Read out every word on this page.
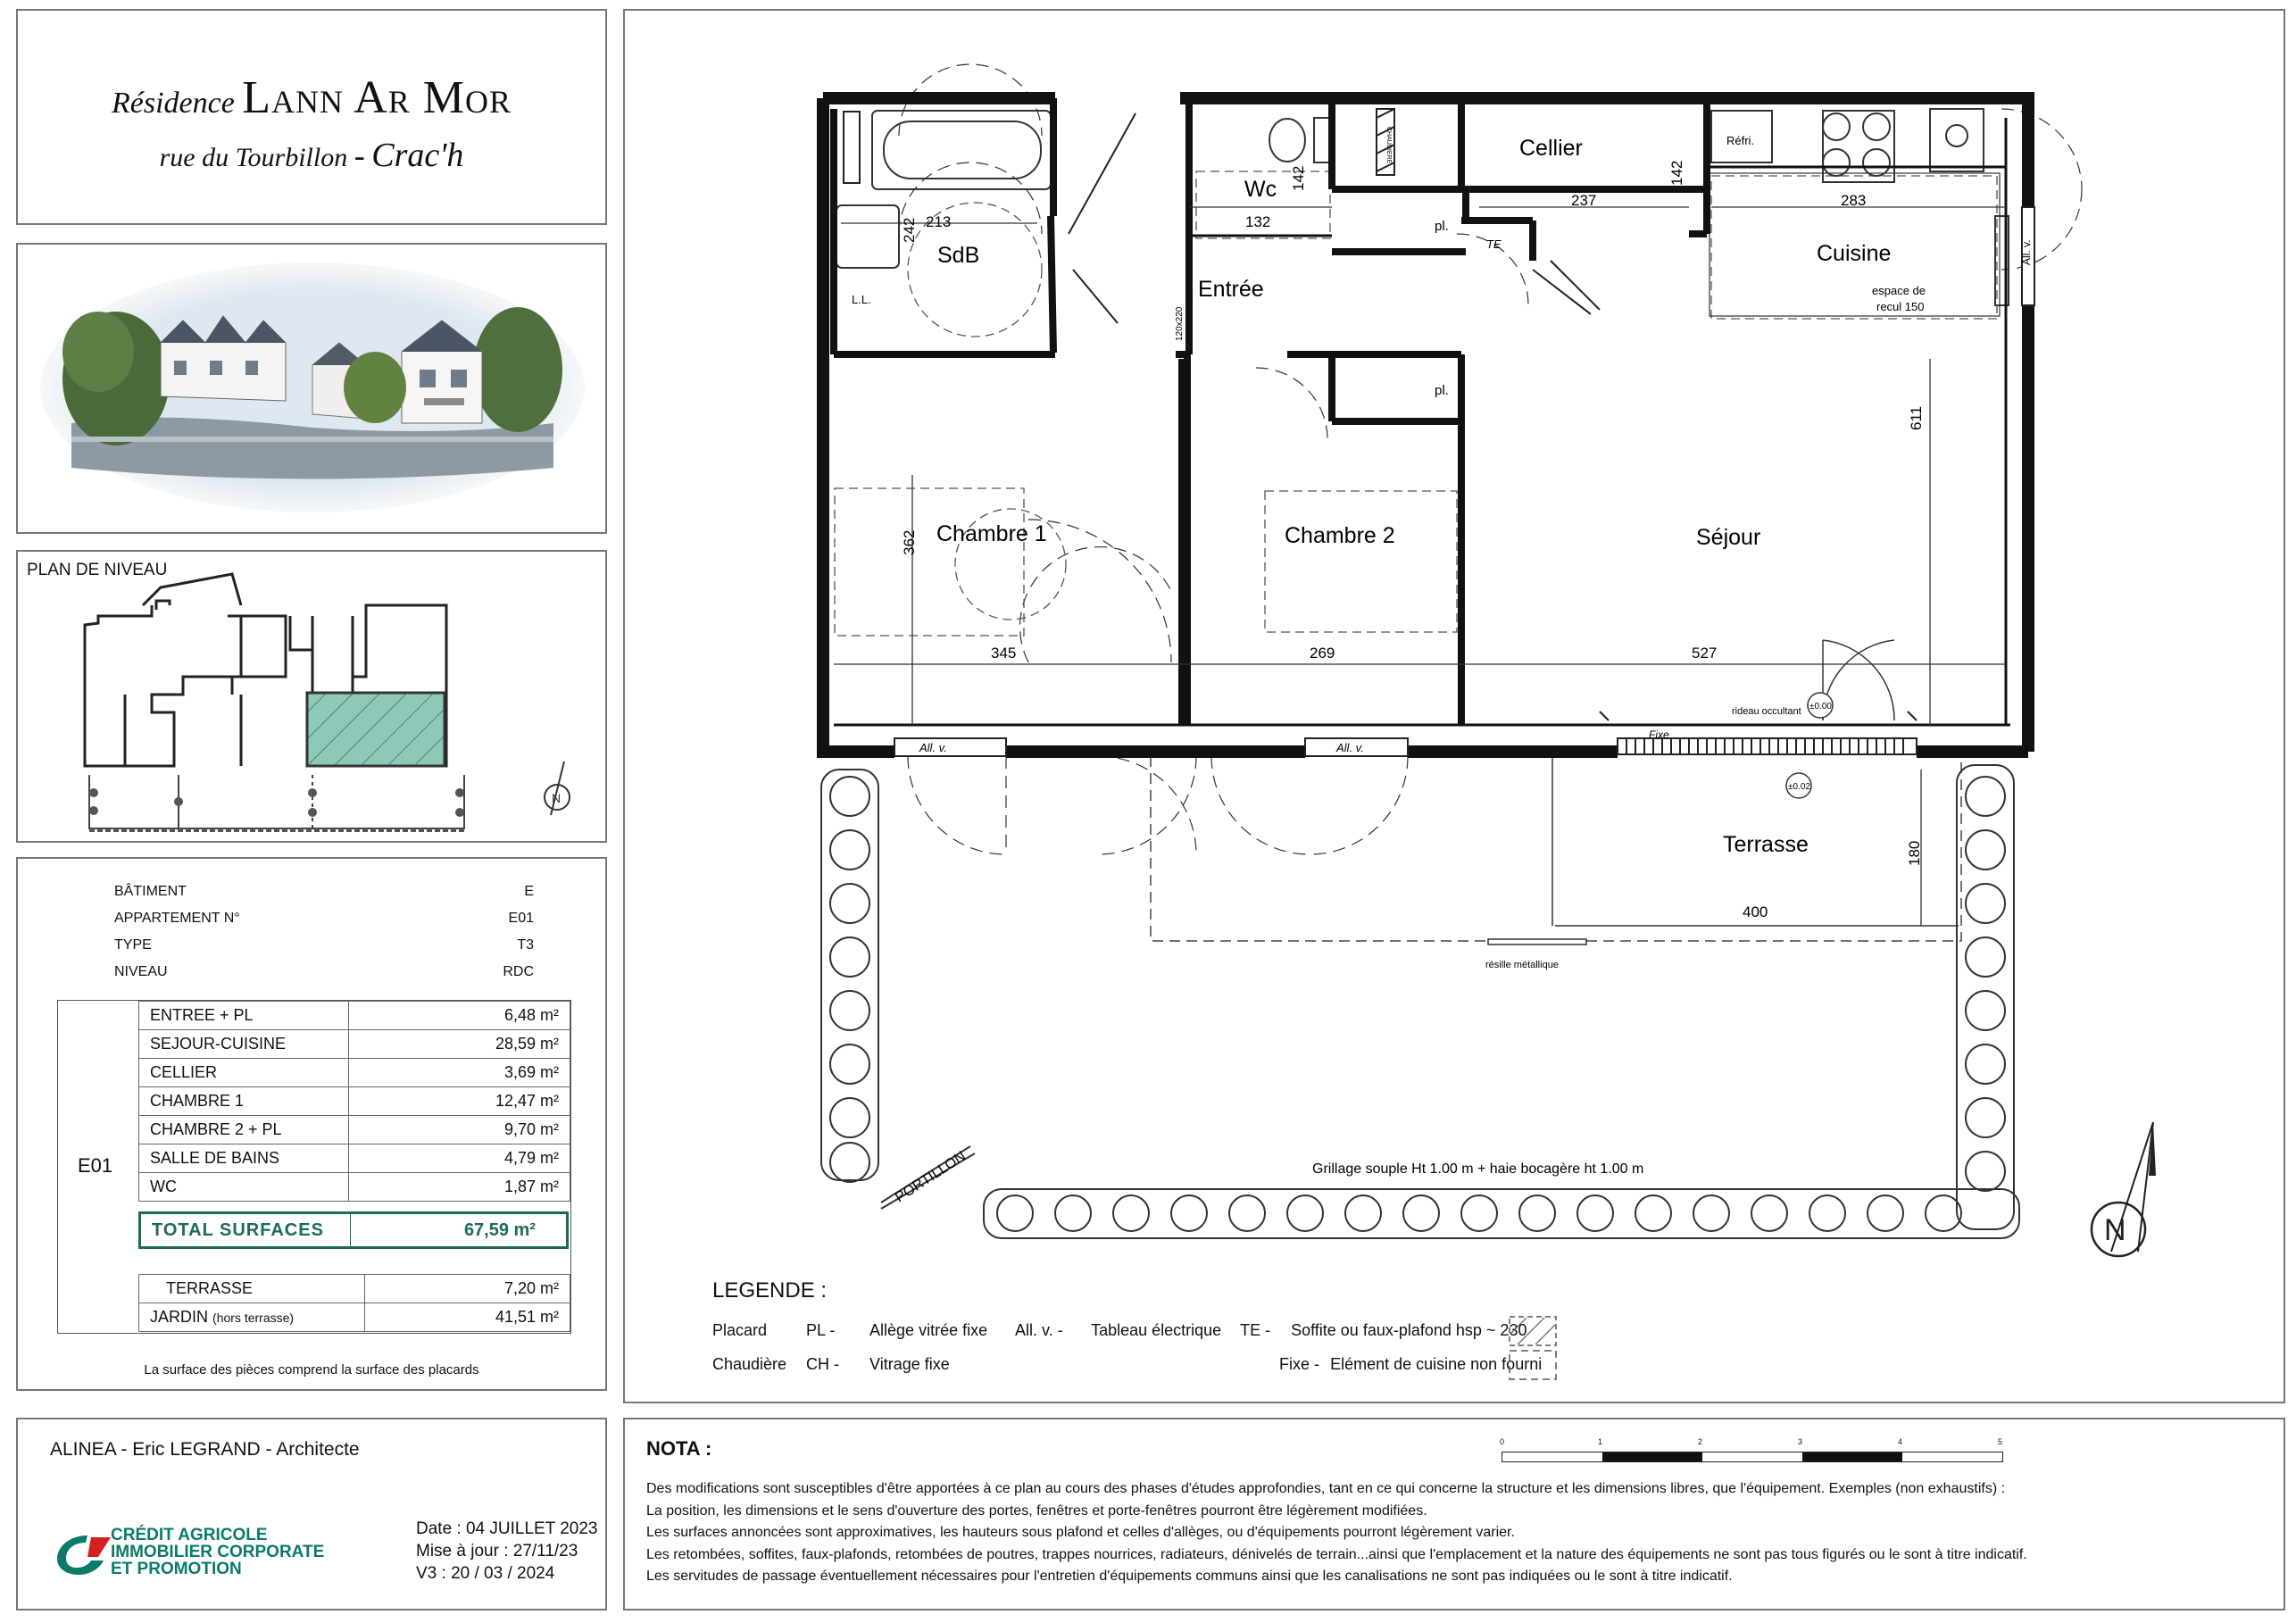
Résidence Lann Ar Mor
rue du Tourbillon - Crac'h
PLAN DE NIVEAU
N
BÂTIMENT	E
APPARTEMENT N°	E01
TYPE	T3
NIVEAU	RDC
E01
ENTREE + PL	6,48 m²
SEJOUR-CUISINE	28,59 m²
CELLIER	3,69 m²
CHAMBRE 1	12,47 m²
CHAMBRE 2 + PL	9,70 m²
SALLE DE BAINS	4,79 m²
WC	1,87 m²
TOTAL SURFACES	67,59 m²
TERRASSE	7,20 m²
JARDIN (hors terrasse)	41,51 m²
La surface des pièces comprend la surface des placards
ALINEA - Eric LEGRAND - Architecte
CRÉDIT AGRICOLE
IMMOBILIER CORPORATE
ET PROMOTION
Date : 04 JUILLET 2023
Mise à jour : 27/11/23
V3 : 20 / 03 / 2024
SdB
Wc
Cellier
Cuisine
Entrée
Chambre 1	Chambre 2	Séjour
Terrasse
213
242	132
142
237
142
283
611
362
345	269	527
180
400
L.L.
Réfri.
CHAUDIERE
pl.
pl.
TE
espace de
recul 150
All. v.
All. v.	All. v.
120x220
rideau occultant ±0.00
±0.02
Fixe
résille métallique
Grillage souple Ht 1.00 m + haie bocagère ht 1.00 m
PORTILLON
N
LEGENDE :
Placard PL - Allège vitrée fixe All. v. - Tableau électrique TE - Soffite ou faux-plafond hsp ~ 230
Chaudière CH - Vitrage fixe	Fixe - Elément de cuisine non fourni
NOTA :

Des modifications sont susceptibles d'être apportées à ce plan au cours des phases d'études approfondies, tant en ce qui concerne la structure et les dimensions libres, que l'équipement. Exemples (non exhaustifs) :

La position, les dimensions et le sens d'ouverture des portes, fenêtres et porte-fenêtres pourront être légèrement modifiées.

Les surfaces annoncées sont approximatives, les hauteurs sous plafond et celles d'allèges, ou d'équipements pourront légèrement varier.

Les retombées, soffites, faux-plafonds, retombées de poutres, trappes nourrices, radiateurs, dénivelés de terrain...ainsi que l'emplacement et la nature des équipements ne sont pas tous figurés ou le sont à titre indicatif.

Les servitudes de passage éventuellement nécessaires pour l'entretien d'équipements communs ainsi que les canalisations ne sont pas indiquées ou le sont à titre indicatif.

0	1	2	3	4	5
